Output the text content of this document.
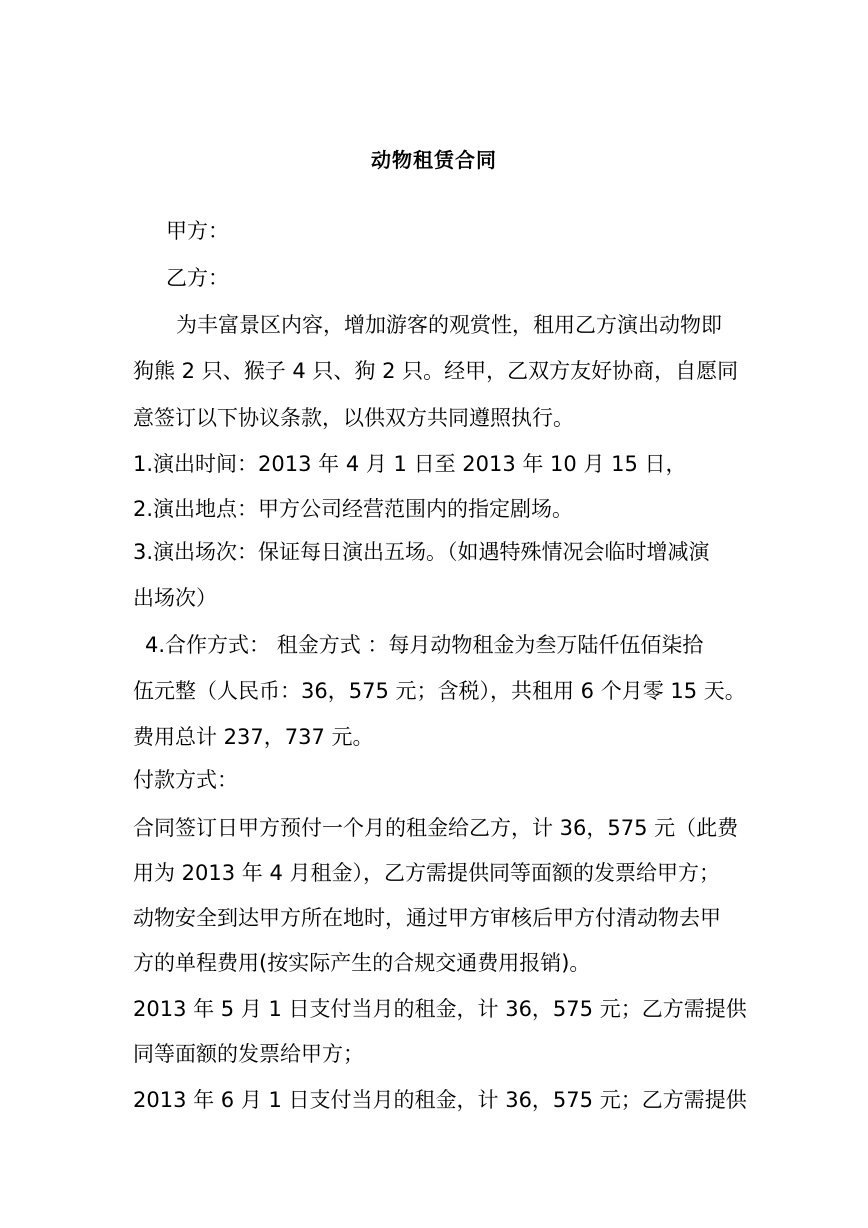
动物租赁合同
甲方：
乙方：
为丰富景区内容，增加游客的观赏性，租用乙方演出动物即
狗熊 2 只、猴子 4 只、狗 2 只。经甲，乙双方友好协商，自愿同
意签订以下协议条款，以供双方共同遵照执行。
1.演出时间：2013 年 4 月 1 日至 2013 年 10 月 15 日，
2.演出地点：甲方公司经营范围内的指定剧场。
3.演出场次：保证每日演出五场。（如遇特殊情况会临时增减演
出场次）
4.合作方式： 租金方式 ：每月动物租金为叁万陆仟伍佰柒拾
伍元整（人民币：36，575 元；含税），共租用 6 个月零 15 天。
费用总计 237，737 元。
付款方式：
合同签订日甲方预付一个月的租金给乙方，计 36，575 元（此费
用为 2013 年 4 月租金），乙方需提供同等面额的发票给甲方；
动物安全到达甲方所在地时，通过甲方审核后甲方付清动物去甲
方的单程费用(按实际产生的合规交通费用报销)。
2013 年 5 月 1 日支付当月的租金，计 36，575 元；乙方需提供
同等面额的发票给甲方；
2013 年 6 月 1 日支付当月的租金，计 36，575 元；乙方需提供
